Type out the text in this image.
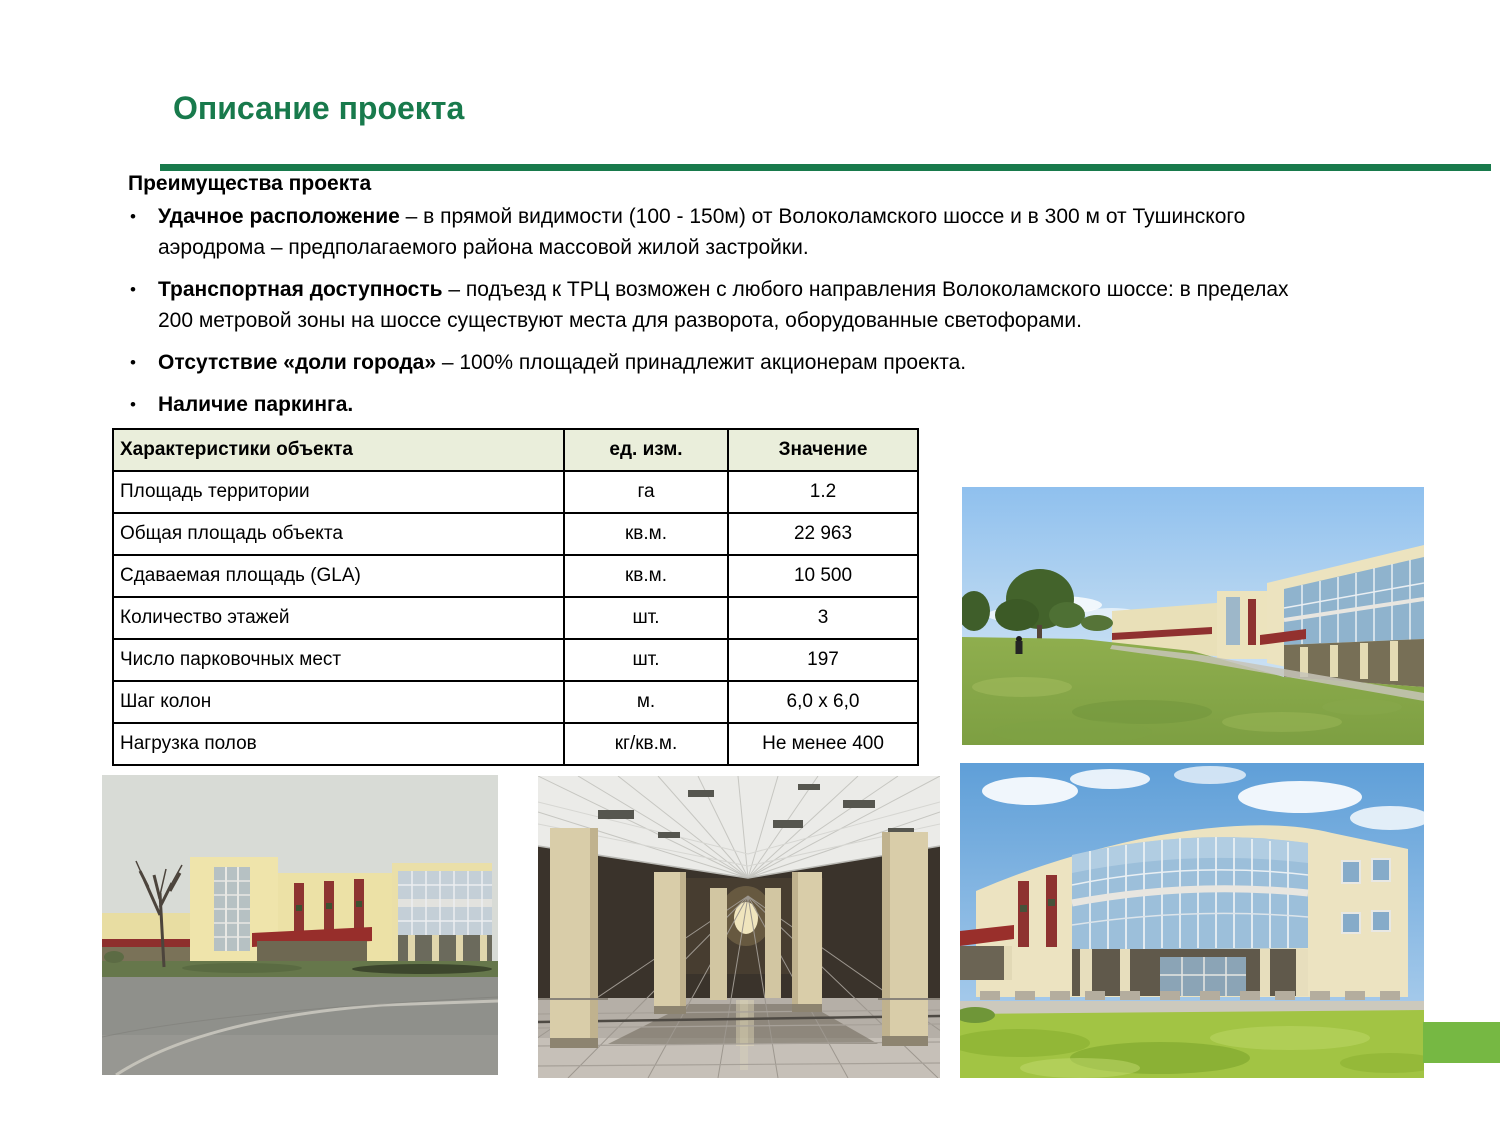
Описание проекта
Преимущества проекта
•	Удачное расположение – в прямой видимости (100 - 150м) от Волоколамского шоссе и в 300 м от Тушинского аэродрома – предполагаемого района массовой жилой застройки.
•	Транспортная доступность – подъезд к ТРЦ возможен с любого направления Волоколамского шоссе: в пределах 200 метровой зоны на шоссе существуют места для разворота, оборудованные светофорами.
•	Отсутствие «доли города» – 100% площадей принадлежит акционерам проекта.
•	Наличие паркинга.
Характеристики объекта	ед. изм.	Значение
Площадь территории	га	1.2
Общая площадь объекта	кв.м.	22 963
Сдаваемая площадь (GLA)	кв.м.	10 500
Количество этажей	шт.	3
Число парковочных мест	шт.	197
Шаг колон	м.	6,0 х 6,0
Нагрузка полов	кг/кв.м.	Не менее 400
